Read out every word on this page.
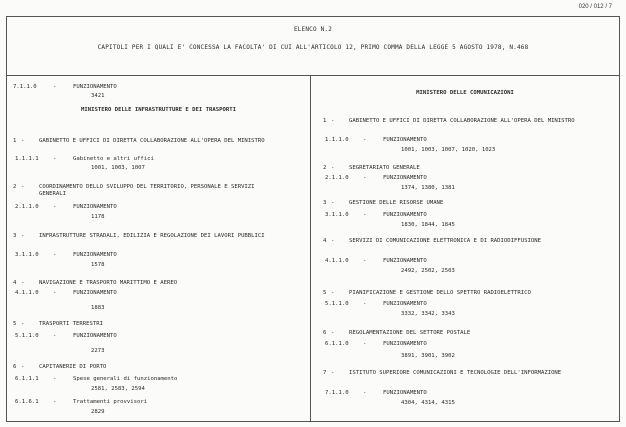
020 / 012 / 7
ELENCO N.2
CAPITOLI PER I QUALI E' CONCESSA LA FACOLTA' DI CUI ALL'ARTICOLO 12, PRIMO COMMA DELLA LEGGE 5 AGOSTO 1978, N.468
7.1.1.0	-	FUNZIONAMENTO
3421
MINISTERO DELLE INFRASTRUTTURE E DEI TRASPORTI
1 -	GABINETTO E UFFICI DI DIRETTA COLLABORAZIONE ALL'OPERA DEL MINISTRO
1.1.1.1	-	Gabinetto e altri uffici
1001, 1003, 1007
2 -	COORDINAMENTO DELLO SVILUPPO DEL TERRITORIO, PERSONALE E SERVIZI GENERALI
2.1.1.0	-	FUNZIONAMENTO
1178
3 -	INFRASTRUTTURE STRADALI, EDILIZIA E REGOLAZIONE DEI LAVORI PUBBLICI
3.1.1.0	-	FUNZIONAMENTO
1578
4 -	NAVIGAZIONE E TRASPORTO MARITTIMO E AEREO
4.1.1.0	-	FUNZIONAMENTO
1883
5 -	TRASPORTI TERRESTRI
5.1.1.0	-	FUNZIONAMENTO
2273
6 -	CAPITANERIE DI PORTO
6.1.1.1	-	Spese generali di funzionamento
2581, 2583, 2594
6.1.6.1	-	Trattamenti provvisori
2829
MINISTERO DELLE COMUNICAZIONI
1 -	GABINETTO E UFFICI DI DIRETTA COLLABORAZIONE ALL'OPERA DEL MINISTRO
1.1.1.0	-	FUNZIONAMENTO
1001, 1003, 1007, 1020, 1023
2 -	SEGRETARIATO GENERALE
2.1.1.0	-	FUNZIONAMENTO
1374, 1380, 1381
3 -	GESTIONE DELLE RISORSE UMANE
3.1.1.0	-	FUNZIONAMENTO
1830, 1844, 1845
4 -	SERVIZI DI COMUNICAZIONE ELETTRONICA E DI RADIODIFFUSIONE
4.1.1.0	-	FUNZIONAMENTO
2492, 2502, 2503
5 -	PIANIFICAZIONE E GESTIONE DELLO SPETTRO RADIOELETTRICO
5.1.1.0	-	FUNZIONAMENTO
3332, 3342, 3343
6 -	REGOLAMENTAZIONE DEL SETTORE POSTALE
6.1.1.0	-	FUNZIONAMENTO
3891, 3901, 3902
7 -	ISTITUTO SUPERIORE COMUNICAZIONI E TECNOLOGIE DELL'INFORMAZIONE
7.1.1.0	-	FUNZIONAMENTO
4304, 4314, 4315
